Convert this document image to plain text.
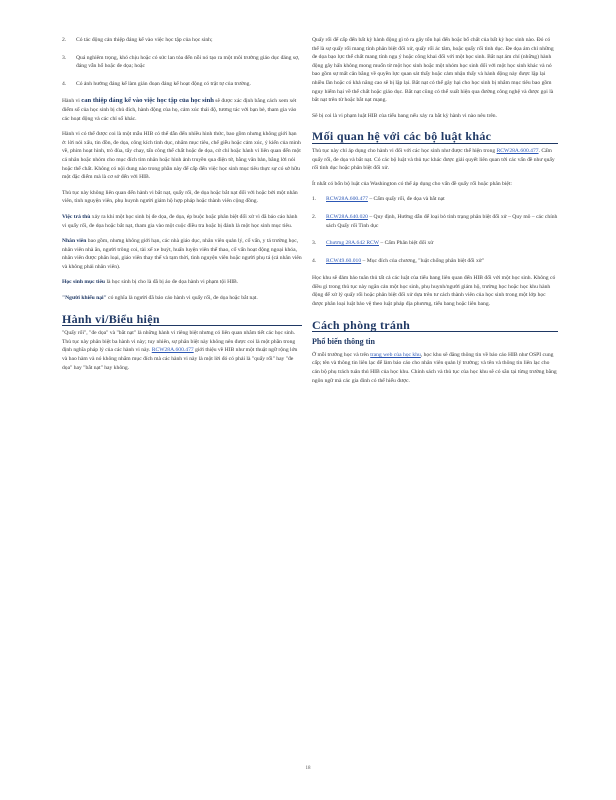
2. Có tác động cản thiệp đáng kể vào việc học tập của học sinh;
3. Quá nghiêm trọng, khó chịu hoặc có sức lan tỏa đến nỗi nó tạo ra một môi trường giáo dục đáng sợ, đáng vẫn hổ hoặc đe dọa; hoặc
4. Có ảnh hưởng đáng kể làm gián đoạn đáng kể hoạt động có trật tự của trường.

Hành vi can thiệp đáng kể vào việc học tập của học sinh sẽ được xác định bằng cách xem xét điểm số của học sinh bị chủ đích, hành động của họ, cảm xúc thái độ, tương tác với bạn bè, tham gia vào các hoạt động và các chỉ số khác.

Hành vi có thể được coi là một mẫu HIB có thể dẫn đến nhiều hình thức, bao gồm nhưng không giới hạn ở: lời nói xấu, tin đồn, đe dọa, công kích tình dục, nhắm mục tiêu, chế giễu hoặc cảm xúc, ý kiến của mình về, phim hoạt hình, trò đùa, tẩy chay, tấn công thể chất hoặc đe dọa, cử chỉ hoặc hành vi liên quan đến một cá nhân hoặc nhóm cho mục đích tìm nhân hoặc hình ảnh truyền qua điện tử, bằng văn bản, bằng lời nói hoặc thể chất. Không có nội dung nào trong phần này để cấp đến việc học sinh mục tiêu thực sự có sở hữu một đặc điểm mà là cơ sở đến với HIB.

Thủ tục này không liên quan đến hành vi bắt nạt, quấy rối, đe dọa hoặc bắt nạt đối với hoặc bởi một nhân viên, tình nguyện viên, phụ huynh người giám hộ hợp pháp hoặc thành viên cộng đồng.

Việc trả thù xảy ra khi một học sinh bị đe dọa, đe dọa, ép buộc hoặc phân biệt đối xử vì đã báo cáo hành vi quấy rối, đe dọa hoặc bắt nạt, tham gia vào một cuộc điều tra hoặc bị đánh là một học sinh mục tiêu.

Nhân viên bao gồm, nhưng không giới hạn, các nhà giáo dục, nhân viên quản lý, cố vấn, y tá trường học, nhân viên nhà ăn, người trông coi, tài xế xe buýt, huấn luyện viên thể thao, cố vấn hoạt động ngoại khóa, nhân viên được phân loại, giáo viên thay thế và tạm thời, tình nguyện viên hoặc người phụ tá (cả nhân viên và không phải nhân viên).

Học sinh mục tiêu là học sinh bị cho là đã bị áo đe dọa hành vi phạm tội HIB.

"Người khiếu nại" có nghĩa là người đã báo cáo hành vi quấy rối, đe dọa hoặc bắt nạt.

Hành vi/Biểu hiện

"Quấy rối", "đe dọa" và "bắt nạt" là những hành vi riêng biệt nhưng có liên quan nhằm tiết các học sinh. Thủ tục này phân biệt ba hành vi này; tuy nhiên, sự phân biệt này không nên được coi là một phần trong định nghĩa pháp lý của các hành vi này. RCW28A.600.477 giới thiệu về HIB như một thuật ngữ rộng lớn và bao hàm và nó không nhằm mục đích mà các hành vi này là một lời đó có phải là "quấy rối" hay "đe dọa" hay "bắt nạt" hay không.

Quấy rối để cấp đến bất kỳ hành động gì tỏ ra gây tổn hại đến hoặc bổ chất của bất kỳ học sinh nào. Đó có thể là sự quấy rối mang tính phân biệt đối xử, quấy rối ác tâm, hoặc quấy rối tình dục. Đe dọa ám chỉ những đe dọa bạo lực thể chất mang tính ngụ ý hoặc công khai đối với một học sinh. Bắt nạt ám chỉ (những) hành động gây hấn không mong muốn từ một học sinh hoặc một nhóm học sinh đối với một học sinh khác và nó bao gồm sự mất cân bằng về quyền lực quan sát thấy hoặc cảm nhận thấy và hành động này được lặp lại nhiều lần hoặc có khả năng cao sẽ bị lặp lại. Bắt nạt có thể gây hại cho học sinh bị nhắm mục tiêu bao gồm nguy hiểm hại về thể chất hoặc giáo dục. Bắt nạt cũng có thể xuất hiện qua đường công nghệ và được gọi là bắt nạt trên từ hoặc bắt nạt mạng.

Sẽ bị coi là vi phạm luật HIB của tiểu bang nếu xảy ra bắt kỳ hành vi nào nêu trên.

Mối quan hệ với các bộ luật khác

Thủ tục này chỉ áp dụng cho hành vi đối với các học sinh như được thể hiện trong RCW28A.600.477. Cấm quấy rối, đe dọa và bắt nạt. Có các bộ luật và thủ tục khác được giải quyết liên quan tới các vấn đề như quấy rối tình dục hoặc phân biệt đối xử.

Ít nhất có bốn bộ luật của Washington có thể áp dụng cho vấn đề quấy rối hoặc phân biệt:

1. RCW28A.600.477 – Cấm quấy rối, đe dọa và bắt nạt
2. RCW28A.640.020 – Quy định, Hướng dẫn để loại bỏ tình trạng phân biệt đối xử – Quy mô – các chính sách Quấy rối Tình dục
3. Chương 28A.642 RCW – Cấm Phân biệt đối xử
4. RCW49.60.010 – Mục đích của chương, "luật chống phân biệt đối xử"

Học khu sẽ đảm bảo tuân thủ tất cả các luật của tiểu bang liên quan đến HIB đối với một học sinh. Không có điều gì trong thủ tục này ngăn cản một học sinh, phụ huynh/người giám hộ, trường học hoặc học khu hành động để xử lý quấy rối hoặc phân biệt đối xử dựa trên tư cách thành viên của học sinh trong một lớp học được phân loại luật bảo vệ theo luật pháp địa phương, tiểu bang hoặc liên bang.

Cách phòng tránh
Phổ biến thông tin

Ở mỗi trường học và trên trang web của học khu, học khu sẽ đăng thông tin về báo cáo HIB như OSPI cung cấp; tên và thông tin liên lạc để làm báo cáo cho nhân viên quản lý trường; và tên và thông tin liên lạc cho cán bộ phụ trách tuân thủ HIB của học khu. Chính sách và thủ tục của học khu sẽ có sẵn tại từng trường bằng ngôn ngữ mà các gia đình có thể hiểu được.

18
